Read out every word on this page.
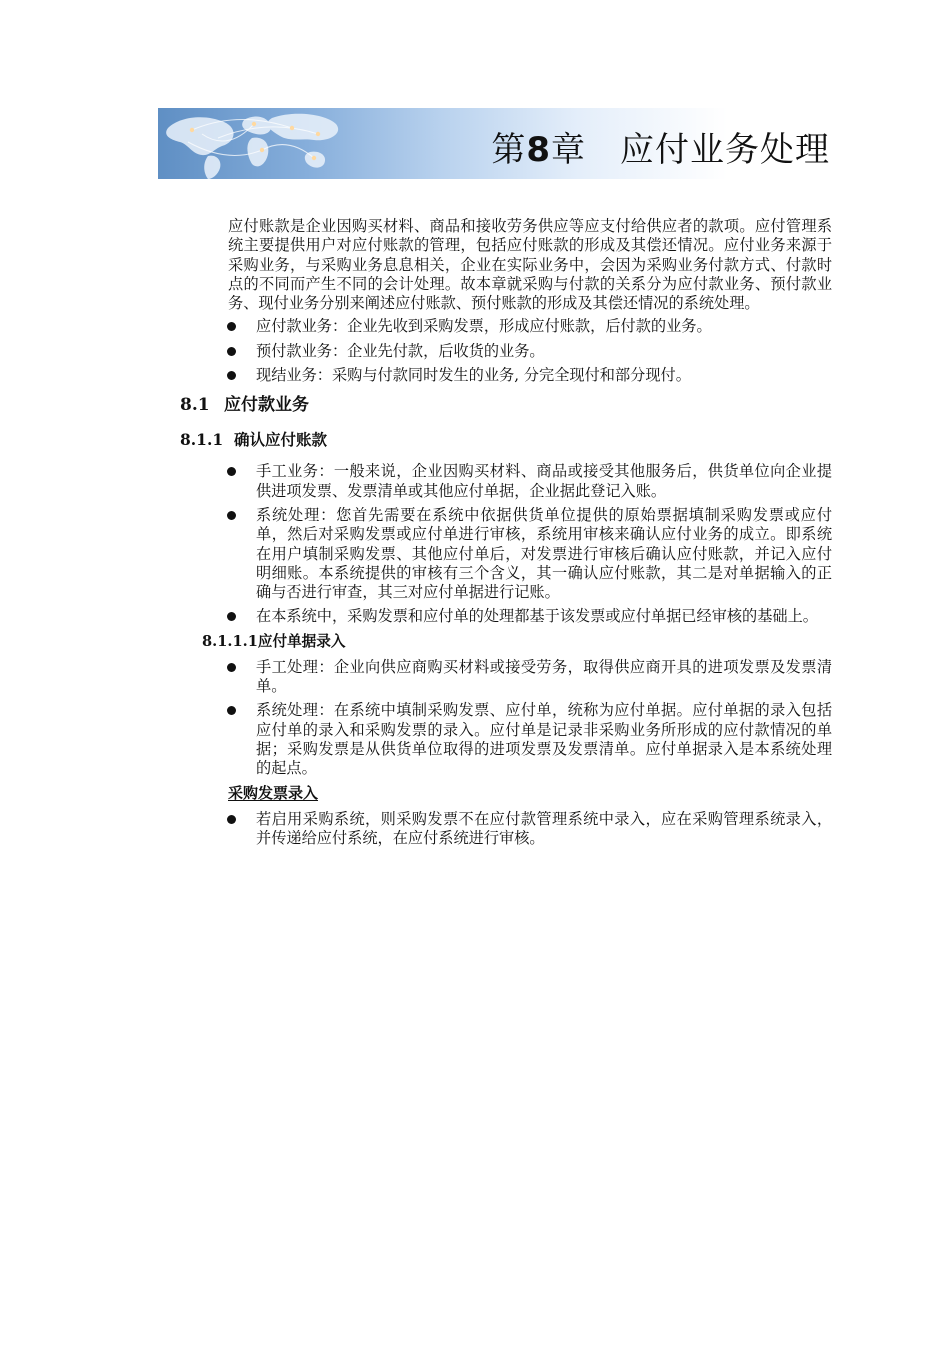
第8章 应付业务处理

应付账款是企业因购买材料、商品和接收劳务供应等应支付给供应者的款项。应付管理系统主要提供用户对应付账款的管理，包括应付账款的形成及其偿还情况。应付业务来源于采购业务，与采购业务息息相关，企业在实际业务中，会因为采购业务付款方式、付款时点的不同而产生不同的会计处理。故本章就采购与付款的关系分为应付款业务、预付款业务、现付业务分别来阐述应付账款、预付账款的形成及其偿还情况的系统处理。

应付款业务：企业先收到采购发票，形成应付账款，后付款的业务。
预付款业务：企业先付款，后收货的业务。
现结业务：采购与付款同时发生的业务, 分完全现付和部分现付。
8.1 应付款业务
8.1.1 确认应付账款
手工业务：一般来说，企业因购买材料、商品或接受其他服务后，供货单位向企业提供进项发票、发票清单或其他应付单据，企业据此登记入账。
系统处理：您首先需要在系统中依据供货单位提供的原始票据填制采购发票或应付单，然后对采购发票或应付单进行审核，系统用审核来确认应付业务的成立。即系统在用户填制采购发票、其他应付单后，对发票进行审核后确认应付账款，并记入应付明细账。本系统提供的审核有三个含义，其一确认应付账款，其二是对单据输入的正确与否进行审查，其三对应付单据进行记账。
在本系统中，采购发票和应付单的处理都基于该发票或应付单据已经审核的基础上。
8.1.1.1应付单据录入
手工处理：企业向供应商购买材料或接受劳务，取得供应商开具的进项发票及发票清单。
系统处理：在系统中填制采购发票、应付单，统称为应付单据。应付单据的录入包括应付单的录入和采购发票的录入。应付单是记录非采购业务所形成的应付款情况的单据；采购发票是从供货单位取得的进项发票及发票清单。应付单据录入是本系统处理的起点。
采购发票录入
若启用采购系统，则采购发票不在应付款管理系统中录入，应在采购管理系统录入，并传递给应付系统，在应付系统进行审核。
